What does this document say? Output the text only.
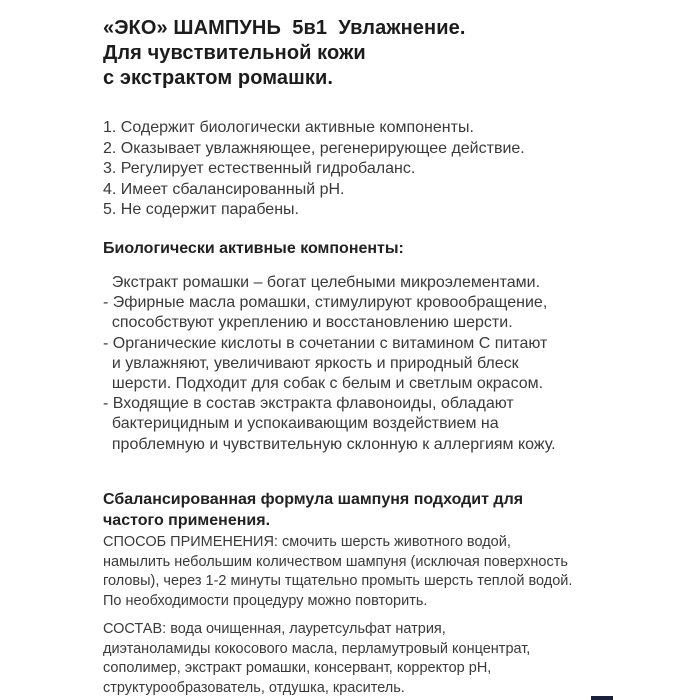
«ЭКО» ШАМПУНЬ  5в1  Увлажнение.
Для чувствительной кожи
с экстрактом ромашки.
1. Содержит биологически активные компоненты.
2. Оказывает увлажняющее, регенерирующее действие.
3. Регулирует естественный гидробаланс.
4. Имеет сбалансированный рН.
5. Не содержит парабены.
Биологически активные компоненты:
Экстракт ромашки – богат целебными микроэлементами.
- Эфирные масла ромашки, стимулируют кровообращение,
способствуют укреплению и восстановлению шерсти.
- Органические кислоты в сочетании с витамином С питают
и увлажняют, увеличивают яркость и природный блеск
шерсти. Подходит для собак с белым и светлым окрасом.
- Входящие в состав экстракта флавоноиды, обладают
бактерицидным и успокаивающим воздействием на
проблемную и чувствительную склонную к аллергиям кожу.
Сбалансированная формула шампуня подходит для
частого применения.
СПОСОБ ПРИМЕНЕНИЯ: смочить шерсть животного водой,
намылить небольшим количеством шампуня (исключая поверхность
головы), через 1-2 минуты тщательно промыть шерсть теплой водой.
По необходимости процедуру можно повторить.
СОСТАВ: вода очищенная, лауретсульфат натрия,
диэтаноламиды кокосового масла, перламутровый концентрат,
сополимер, экстракт ромашки, консервант, корректор рН,
структурообразователь, отдушка, краситель.
